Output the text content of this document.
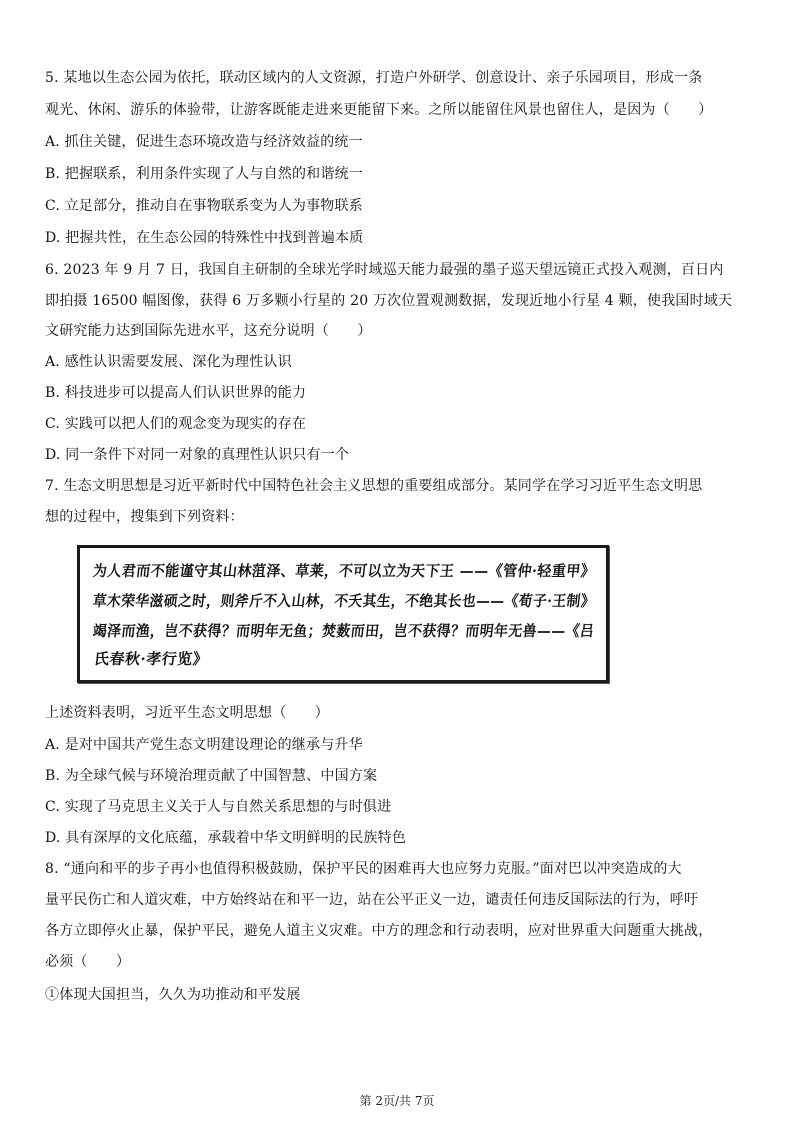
5. 某地以生态公园为依托，联动区域内的人文资源，打造户外研学、创意设计、亲子乐园项目，形成一条
观光、休闲、游乐的体验带，让游客既能走进来更能留下来。之所以能留住风景也留住人，是因为（　　）
A. 抓住关键，促进生态环境改造与经济效益的统一
B. 把握联系，利用条件实现了人与自然的和谐统一
C. 立足部分，推动自在事物联系变为人为事物联系
D. 把握共性，在生态公园的特殊性中找到普遍本质
6. 2023 年 9 月 7 日，我国自主研制的全球光学时域巡天能力最强的墨子巡天望远镜正式投入观测，百日内
即拍摄 16500 幅图像，获得 6 万多颗小行星的 20 万次位置观测数据，发现近地小行星 4 颗，使我国时域天
文研究能力达到国际先进水平，这充分说明（　　）
A. 感性认识需要发展、深化为理性认识
B. 科技进步可以提高人们认识世界的能力
C. 实践可以把人们的观念变为现实的存在
D. 同一条件下对同一对象的真理性认识只有一个
7. 生态文明思想是习近平新时代中国特色社会主义思想的重要组成部分。某同学在学习习近平生态文明思
想的过程中，搜集到下列资料：
为人君而不能谨守其山林菹泽、草莱，不可以立为天下王 ——《管仲·轻重甲》
草木荣华滋硕之时，则斧斤不入山林，不夭其生，不绝其长也——《荀子·王制》
竭泽而渔，岂不获得？而明年无鱼；焚薮而田，岂不获得？而明年无兽——《吕
氏春秋·孝行览》
上述资料表明，习近平生态文明思想（　　）
A. 是对中国共产党生态文明建设理论的继承与升华
B. 为全球气候与环境治理贡献了中国智慧、中国方案
C. 实现了马克思主义关于人与自然关系思想的与时俱进
D. 具有深厚的文化底蕴，承载着中华文明鲜明的民族特色
8. “通向和平的步子再小也值得积极鼓励，保护平民的困难再大也应努力克服。”面对巴以冲突造成的大
量平民伤亡和人道灾难，中方始终站在和平一边，站在公平正义一边，谴责任何违反国际法的行为，呼吁
各方立即停火止暴，保护平民，避免人道主义灾难。中方的理念和行动表明，应对世界重大问题重大挑战，
必须（　　）
①体现大国担当，久久为功推动和平发展
第 2页/共 7页
